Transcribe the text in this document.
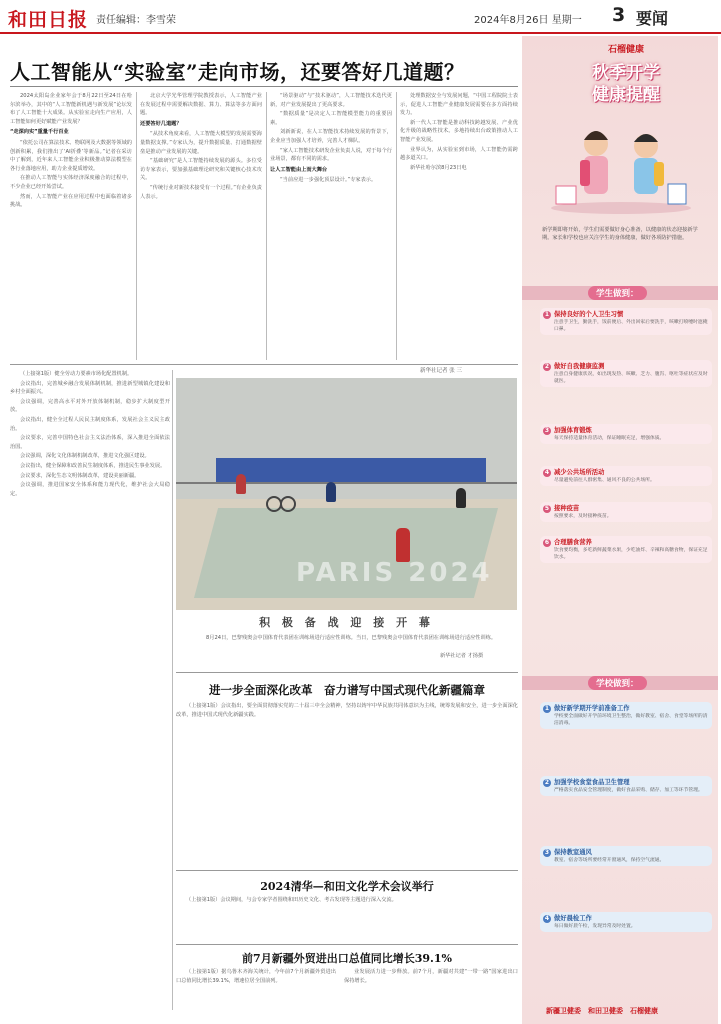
和田日报 责任编辑：李雪荣	2024年8月26日 星期一 3 要闻
人工智能从“实验室”走向市场，还要答好几道题？

2024太阳岛企业家年会于8月22日至24日在哈尔滨举办，其中的“人工智能新机遇与新发展”论坛发布了人工智能十大成果。从实验室走向生产应用，人工智能如何更好赋能产业发展？

“走深向实”重量千行百业

“依托公司在算法技术、物联网及大数据等领域的创新积累，我们推出了‘AI折叠’等新品。”记者在采访中了解到，近年来人工智能企业积极推动算法模型在各行业落地应用，助力企业提质增效。

在推动人工智能与实体经济深度融合的过程中，不少企业已经开始尝试。

然而，人工智能产业在应用过程中也面临着诸多挑战。

北京大学光华管理学院教授表示，人工智能产业在发展过程中需要解决数据、算力、算法等多方面问题。

还要答好几道题？

“从技术角度来看，人工智能大模型的发展需要海量数据支撑。”专家认为，提升数据质量、打通数据壁垒是推动产业发展的关键。

“基础研究”是人工智能持续发展的源头。多位受访专家表示，要加强基础理论研究和关键核心技术攻关。

“传统行业对新技术接受有一个过程。”有企业负责人表示。

“场景驱动”与“技术驱动”，人工智能技术迭代更新，对产业发展提出了更高要求。

“数据质量”是决定人工智能模型能力的重要因素。

刘新新说，在人工智能技术持续发展的背景下，企业应当加强人才培养，完善人才梯队。

“家人工智能技术研发企业负责人说，对于每个行业场景，都有不同的需求。

让人工智能由上而大舞台

“当前应进一步强化顶层设计。”专家表示。

处理数据安全与发展问题，“中国工程院院士表示，促进人工智能产业健康发展需要在多方面持续发力。

新一代人工智能是推动科技跨越发展、产业优化升级的战略性技术。多地持续出台政策推动人工智能产业发展。

业界认为，从实验室到市场，人工智能仍需跨越多道关口。

新华社哈尔滨8月23日电

（上接第1版）健全劳动力要素市场化配置机制。

会议指出，完善城乡融合发展体制机制，推进新型城镇化建设和乡村全面振兴。

会议强调，完善高水平对外开放体制机制，稳步扩大制度型开放。

会议指出，健全全过程人民民主制度体系，发展社会主义民主政治。

会议要求，完善中国特色社会主义法治体系，深入推进全面依法治国。

会议强调，深化文化体制机制改革，推进文化强区建设。

会议指出，健全保障和改善民生制度体系，推进民生事业发展。

会议要求，深化生态文明体制改革，建设美丽新疆。

会议强调，推进国家安全体系和能力现代化，维护社会大局稳定。

PARIS 2024
积 极 备 战 迎 接 开 幕
8月24日，巴黎残奥会中国体育代表团在训练场进行适应性训练。当日，巴黎残奥会中国体育代表团在训练场进行适应性训练。
新华社记者 才扬摄
新华社记者 张 三
进一步全面深化改革　奋力谱写中国式现代化新疆篇章

（上接第1版）会议指出，要全面贯彻落实党的二十届三中全会精神，坚持以铸牢中华民族共同体意识为主线，统筹发展和安全，进一步全面深化改革，推进中国式现代化新疆实践。

2024清华—和田文化学术会议举行

（上接第1版）会议期间，与会专家学者围绕和田历史文化、考古发现等主题进行深入交流。

前7月新疆外贸进出口总值同比增长39.1%

（上接第1版）据乌鲁木齐海关统计，今年前7个月新疆外贸进出口总值同比增长39.1%，增速位居全国前列。

业发展活力进一步释放。前7个月，新疆对共建“一带一路”国家进出口保持增长。

石榴健康
秋季开学
健康提醒
新学期即将开始，学生们需要做好身心准备，以健康的状态迎接新学期。家长和学校也应关注学生的身体健康，做好各项防护措施。
学生做到：
1 保持良好的个人卫生习惯
注意手卫生，勤洗手，饭前便后、外出回家后要洗手，咳嗽打喷嚏时遮掩口鼻。
2 做好自我健康监测
注意自身健康状况，如出现发热、咳嗽、乏力、腹泻、呕吐等症状应及时就医。
3 加强体育锻炼
每天保持适量体育活动，保证睡眠充足，增强体质。
4 减少公共场所活动
尽量避免前往人群密集、通风不良的公共场所。
5 接种疫苗
按照要求，及时接种疫苗。
6 合理膳食营养
饮食要均衡，多吃新鲜蔬菜水果，少吃油炸、辛辣和高糖食物，保证充足饮水。
学校做到：
1 做好新学期开学前准备工作
学校要全面做好开学前环境卫生整治，做好教室、宿舍、食堂等场所的清洁消毒。
2 加强学校食堂食品卫生管理
严格落实食品安全管理制度，做好食品采购、储存、加工等环节管理。
3 保持教室通风
教室、宿舍等场所要经常开窗通风，保持空气流通。
4 做好晨检工作
每日做好晨午检，发现异常及时处置。
新疆卫健委　和田卫健委　石榴健康
